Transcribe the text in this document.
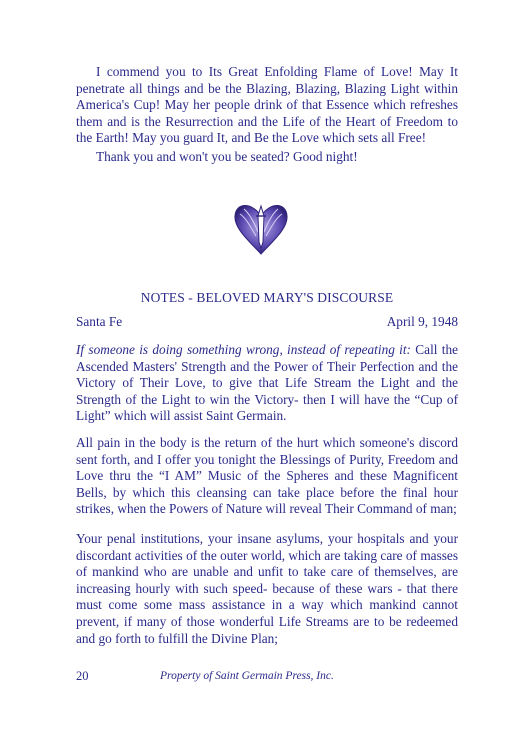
I commend you to Its Great Enfolding Flame of Love! May It penetrate all things and be the Blazing, Blazing, Blazing Light within America's Cup! May her people drink of that Essence which refreshes them and is the Resurrection and the Life of the Heart of Freedom to the Earth! May you guard It, and Be the Love which sets all Free!

Thank you and won't you be seated? Good night!

NOTES - BELOVED MARY'S DISCOURSE
Santa Fe	April 9, 1948

If someone is doing something wrong, instead of repeating it: Call the Ascended Masters' Strength and the Power of Their Perfection and the Victory of Their Love, to give that Life Stream the Light and the Strength of the Light to win the Victory- then I will have the “Cup of Light” which will assist Saint Germain.

All pain in the body is the return of the hurt which someone's discord sent forth, and I offer you tonight the Blessings of Purity, Freedom and Love thru the “I AM” Music of the Spheres and these Magnificent Bells, by which this cleansing can take place before the final hour strikes, when the Powers of Nature will reveal Their Command of man;

Your penal institutions, your insane asylums, your hospitals and your discordant activities of the outer world, which are taking care of masses of mankind who are unable and unfit to take care of themselves, are increasing hourly with such speed- because of these wars - that there must come some mass assistance in a way which mankind cannot prevent, if many of those wonderful Life Streams are to be redeemed and go forth to fulfill the Divine Plan;

20	Property of Saint Germain Press, Inc.
